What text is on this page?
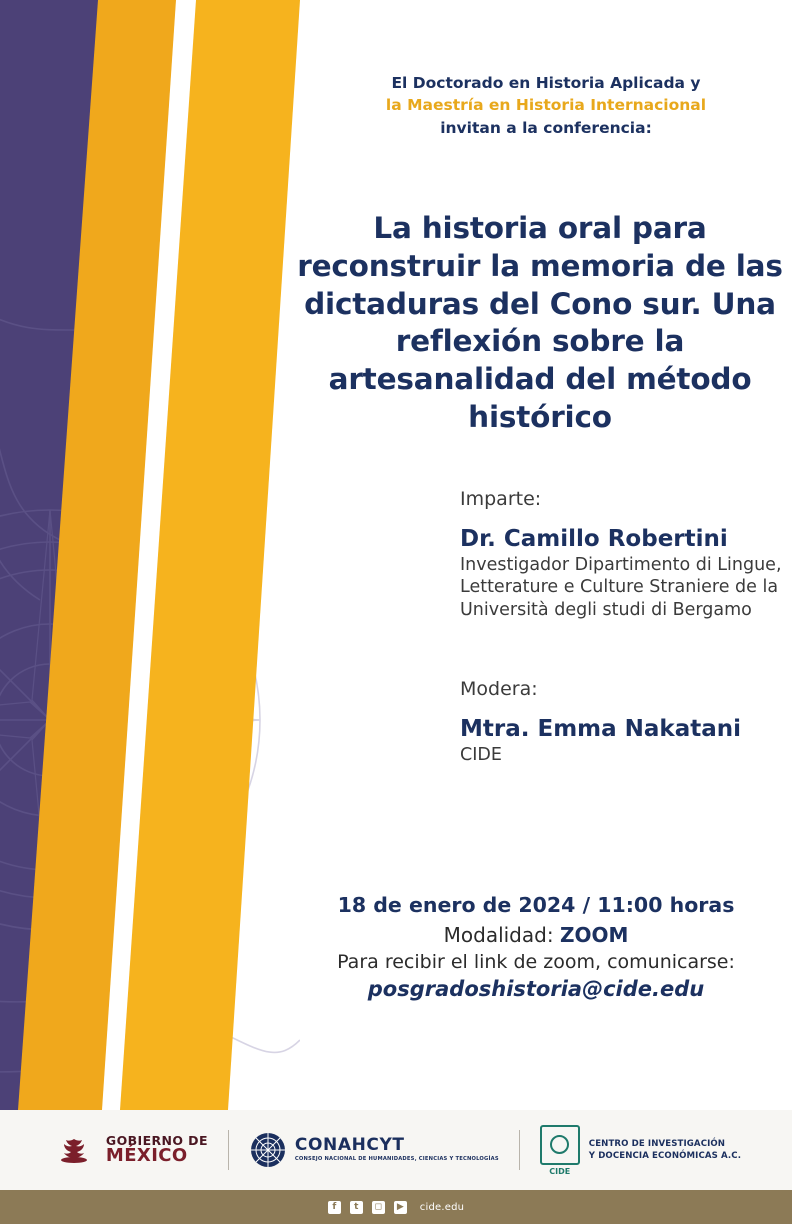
El Doctorado en Historia Aplicada y
la Maestría en Historia Internacional
invitan a la conferencia:
La historia oral para reconstruir la memoria de las dictaduras del Cono sur. Una reflexión sobre la artesanalidad del método histórico
Imparte:
Dr. Camillo Robertini
Investigador Dipartimento di Lingue,
Letterature e Culture Straniere de la
Università degli studi di Bergamo
Modera:
Mtra. Emma Nakatani
CIDE
18 de enero de 2024 / 11:00 horas
Modalidad: ZOOM
Para recibir el link de zoom, comunicarse:
posgradoshistoria@cide.edu
GOBIERNO DE
MÉXICO
CONAHCYT
CONSEJO NACIONAL DE HUMANIDADES, CIENCIAS Y TECNOLOGÍAS
CIDE
CENTRO DE INVESTIGACIÓN
Y DOCENCIA ECONÓMICAS A.C.
f	t	◻	▶	cide.edu
